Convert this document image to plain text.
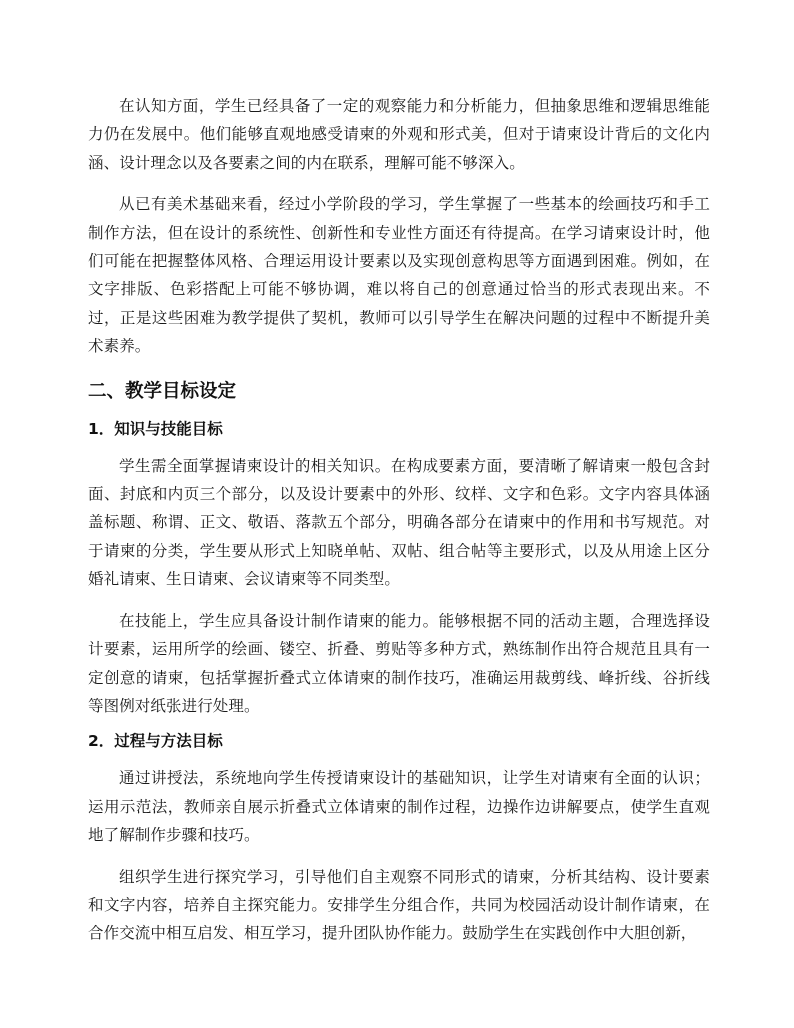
在认知方面，学生已经具备了一定的观察能力和分析能力，但抽象思维和逻辑思维能力仍在发展中。他们能够直观地感受请柬的外观和形式美，但对于请柬设计背后的文化内涵、设计理念以及各要素之间的内在联系，理解可能不够深入。

从已有美术基础来看，经过小学阶段的学习，学生掌握了一些基本的绘画技巧和手工制作方法，但在设计的系统性、创新性和专业性方面还有待提高。在学习请柬设计时，他们可能在把握整体风格、合理运用设计要素以及实现创意构思等方面遇到困难。例如，在文字排版、色彩搭配上可能不够协调，难以将自己的创意通过恰当的形式表现出来。不过，正是这些困难为教学提供了契机，教师可以引导学生在解决问题的过程中不断提升美术素养。

二、教学目标设定
1．知识与技能目标

学生需全面掌握请柬设计的相关知识。在构成要素方面，要清晰了解请柬一般包含封面、封底和内页三个部分，以及设计要素中的外形、纹样、文字和色彩。文字内容具体涵盖标题、称谓、正文、敬语、落款五个部分，明确各部分在请柬中的作用和书写规范。对于请柬的分类，学生要从形式上知晓单帖、双帖、组合帖等主要形式，以及从用途上区分婚礼请柬、生日请柬、会议请柬等不同类型。

在技能上，学生应具备设计制作请柬的能力。能够根据不同的活动主题，合理选择设计要素，运用所学的绘画、镂空、折叠、剪贴等多种方式，熟练制作出符合规范且具有一定创意的请柬，包括掌握折叠式立体请柬的制作技巧，准确运用裁剪线、峰折线、谷折线等图例对纸张进行处理。

2．过程与方法目标

通过讲授法，系统地向学生传授请柬设计的基础知识，让学生对请柬有全面的认识；运用示范法，教师亲自展示折叠式立体请柬的制作过程，边操作边讲解要点，使学生直观地了解制作步骤和技巧。

组织学生进行探究学习，引导他们自主观察不同形式的请柬，分析其结构、设计要素和文字内容，培养自主探究能力。安排学生分组合作，共同为校园活动设计制作请柬，在合作交流中相互启发、相互学习，提升团队协作能力。鼓励学生在实践创作中大胆创新，
